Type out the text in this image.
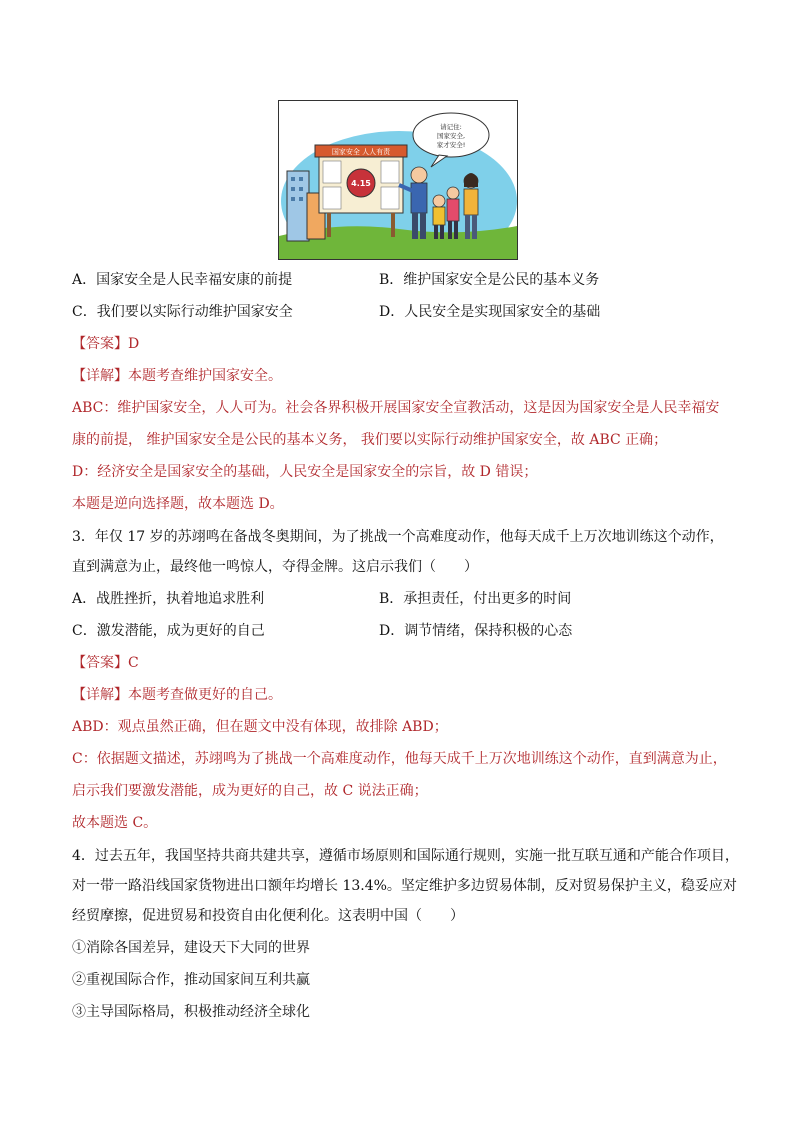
国家安全 人人有责
4.15
请记住:
国家安全,
家才安全!
A．国家安全是人民幸福安康的前提	B．维护国家安全是公民的基本义务
C．我们要以实际行动维护国家安全	D．人民安全是实现国家安全的基础
【答案】D
【详解】本题考查维护国家安全。
ABC：维护国家安全，人人可为。社会各界积极开展国家安全宣教活动，这是因为国家安全是人民幸福安
康的前提， 维护国家安全是公民的基本义务， 我们要以实际行动维护国家安全，故 ABC 正确；
D：经济安全是国家安全的基础，人民安全是国家安全的宗旨，故 D 错误；
本题是逆向选择题，故本题选 D。
3．年仅 17 岁的苏翊鸣在备战冬奥期间，为了挑战一个高难度动作，他每天成千上万次地训练这个动作，
直到满意为止，最终他一鸣惊人，夺得金牌。这启示我们（　　）
A．战胜挫折，执着地追求胜利	B．承担责任，付出更多的时间
C．激发潜能，成为更好的自己	D．调节情绪，保持积极的心态
【答案】C
【详解】本题考查做更好的自己。
ABD：观点虽然正确，但在题文中没有体现，故排除 ABD；
C：依据题文描述，苏翊鸣为了挑战一个高难度动作，他每天成千上万次地训练这个动作，直到满意为止，
启示我们要激发潜能，成为更好的自己，故 C 说法正确；
故本题选 C。
4．过去五年，我国坚持共商共建共享，遵循市场原则和国际通行规则，实施一批互联互通和产能合作项目，
对一带一路沿线国家货物进出口额年均增长 13.4%。坚定维护多边贸易体制，反对贸易保护主义，稳妥应对
经贸摩擦，促进贸易和投资自由化便利化。这表明中国（　　）
①消除各国差异，建设天下大同的世界
②重视国际合作，推动国家间互利共赢
③主导国际格局，积极推动经济全球化
